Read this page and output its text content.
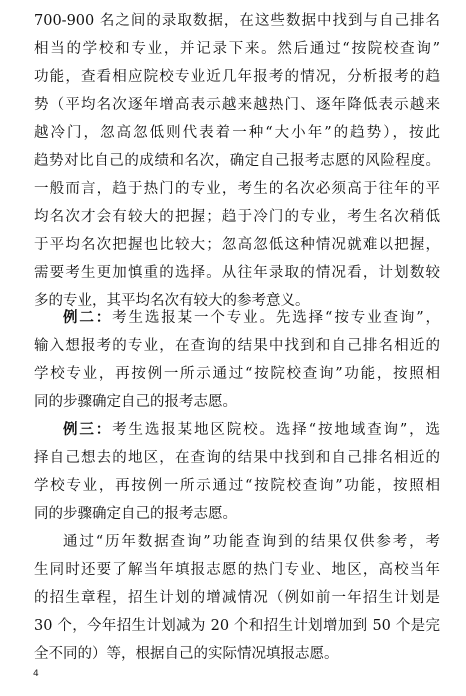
700-900 名之间的录取数据，在这些数据中找到与自己排名
相当的学校和专业，并记录下来。然后通过“按院校查询”
功能，查看相应院校专业近几年报考的情况，分析报考的趋
势（平均名次逐年增高表示越来越热门、逐年降低表示越来
越冷门，忽高忽低则代表着一种“大小年”的趋势），按此
趋势对比自己的成绩和名次，确定自己报考志愿的风险程度。
一般而言，趋于热门的专业，考生的名次必须高于往年的平
均名次才会有较大的把握；趋于冷门的专业，考生名次稍低
于平均名次把握也比较大；忽高忽低这种情况就难以把握，
需要考生更加慎重的选择。从往年录取的情况看，计划数较
多的专业，其平均名次有较大的参考意义。
例二：考生选报某一个专业。先选择“按专业查询”，
输入想报考的专业，在查询的结果中找到和自己排名相近的
学校专业，再按例一所示通过“按院校查询”功能，按照相
同的步骤确定自己的报考志愿。
例三：考生选报某地区院校。选择“按地域查询”，选
择自己想去的地区，在查询的结果中找到和自己排名相近的
学校专业，再按例一所示通过“按院校查询”功能，按照相
同的步骤确定自己的报考志愿。
通过“历年数据查询”功能查询到的结果仅供参考，考
生同时还要了解当年填报志愿的热门专业、地区，高校当年
的招生章程，招生计划的增减情况（例如前一年招生计划是
30 个，今年招生计划减为 20 个和招生计划增加到 50 个是完
全不同的）等，根据自己的实际情况填报志愿。
4
